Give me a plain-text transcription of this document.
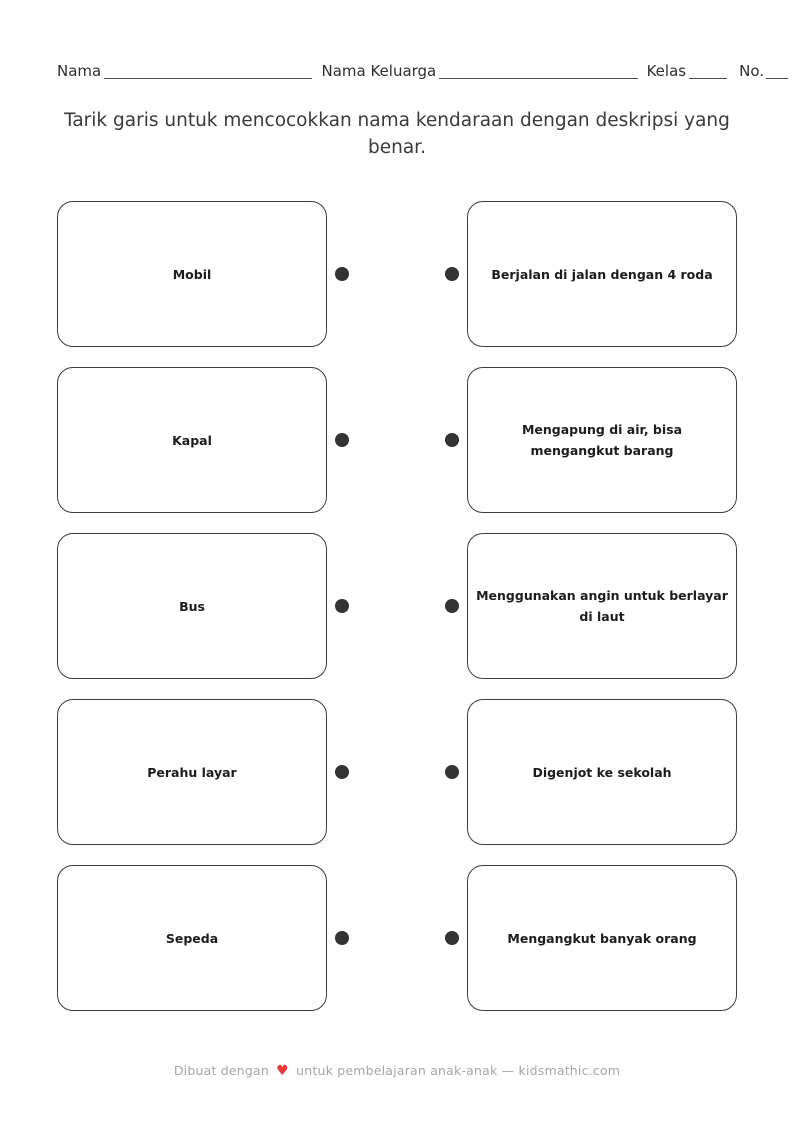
Nama	Nama Keluarga	Kelas	No.
Tarik garis untuk mencocokkan nama kendaraan dengan deskripsi yang benar.
Mobil	Berjalan di jalan dengan 4 roda
Kapal
Mengapung di air, bisa mengangkut barang
Bus
Menggunakan angin untuk berlayar di laut
Perahu layar	Digenjot ke sekolah
Sepeda	Mengangkut banyak orang
Dibuat dengan ♥ untuk pembelajaran anak-anak — kidsmathic.com
